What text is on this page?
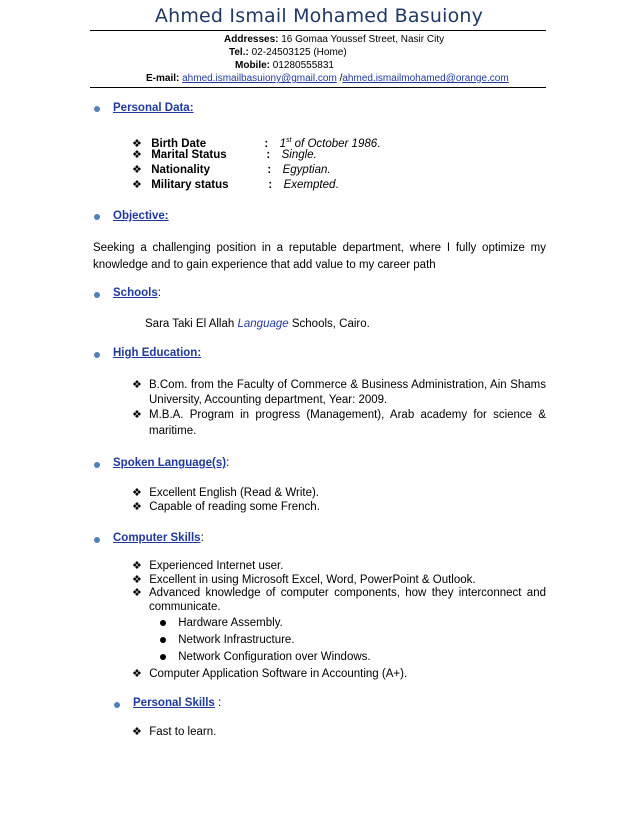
Ahmed Ismail Mohamed Basuiony
Addresses: 16 Gomaa Youssef Street, Nasir City
Tel.: 02-24503125 (Home)
Mobile: 01280555831
E-mail: ahmed.ismailbasuiony@gmail.com /ahmed.ismailmohamed@orange.com
Personal Data:
❖ Birth Date	: 1st of October 1986.
❖ Marital Status	: Single.
❖ Nationality	: Egyptian.
❖ Military status	: Exempted.
Objective:
Seeking a challenging position in a reputable department, where I fully optimize my
knowledge and to gain experience that add value to my career path
Schools:
Sara Taki El Allah Language Schools, Cairo.
High Education:
❖ B.Com. from the Faculty of Commerce & Business Administration, Ain Shams
University, Accounting department, Year: 2009.
❖ M.B.A. Program in progress (Management), Arab academy for science &
maritime.
Spoken Language(s):
❖ Excellent English (Read & Write).
❖ Capable of reading some French.
Computer Skills:
❖ Experienced Internet user.
❖ Excellent in using Microsoft Excel, Word, PowerPoint & Outlook.
❖ Advanced knowledge of computer components, how they interconnect and
communicate.
Hardware Assembly.
Network Infrastructure.
Network Configuration over Windows.
❖ Computer Application Software in Accounting (A+).
Personal Skills :
❖ Fast to learn.
